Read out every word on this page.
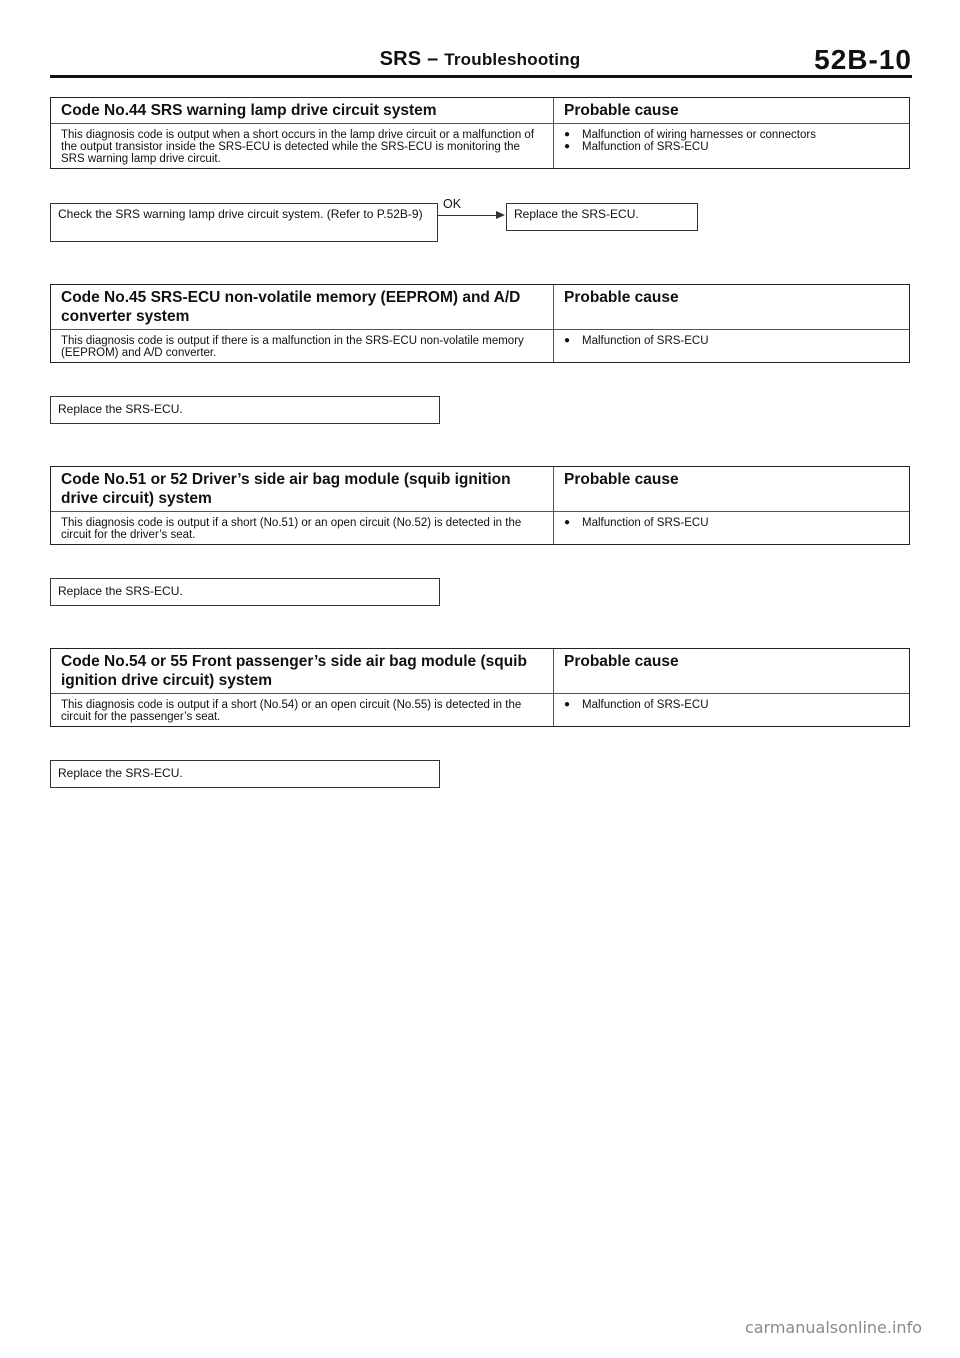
SRS – Troubleshooting	52B-10
Code No.44 SRS warning lamp drive circuit system	Probable cause
This diagnosis code is output when a short occurs in the lamp drive circuit or a malfunction of the output transistor inside the SRS-ECU is detected while the SRS-ECU is monitoring the SRS warning lamp drive circuit.
●	Malfunction of wiring harnesses or connectors
●	Malfunction of SRS-ECU
Check the SRS warning lamp drive circuit system. (Refer to P.52B-9)
OK
Replace the SRS-ECU.
Code No.45 SRS-ECU non-volatile memory (EEPROM) and A/D converter system
Probable cause
This diagnosis code is output if there is a malfunction in the SRS-ECU non-volatile memory (EEPROM) and A/D converter.
●	Malfunction of SRS-ECU
Replace the SRS-ECU.
Code No.51 or 52 Driver’s side air bag module (squib ignition drive circuit) system
Probable cause
This diagnosis code is output if a short (No.51) or an open circuit (No.52) is detected in the circuit for the driver’s seat.
●	Malfunction of SRS-ECU
Replace the SRS-ECU.
Code No.54 or 55 Front passenger’s side air bag module (squib ignition drive circuit) system
Probable cause
This diagnosis code is output if a short (No.54) or an open circuit (No.55) is detected in the circuit for the passenger’s seat.
●	Malfunction of SRS-ECU
Replace the SRS-ECU.
carmanualsonline.info
